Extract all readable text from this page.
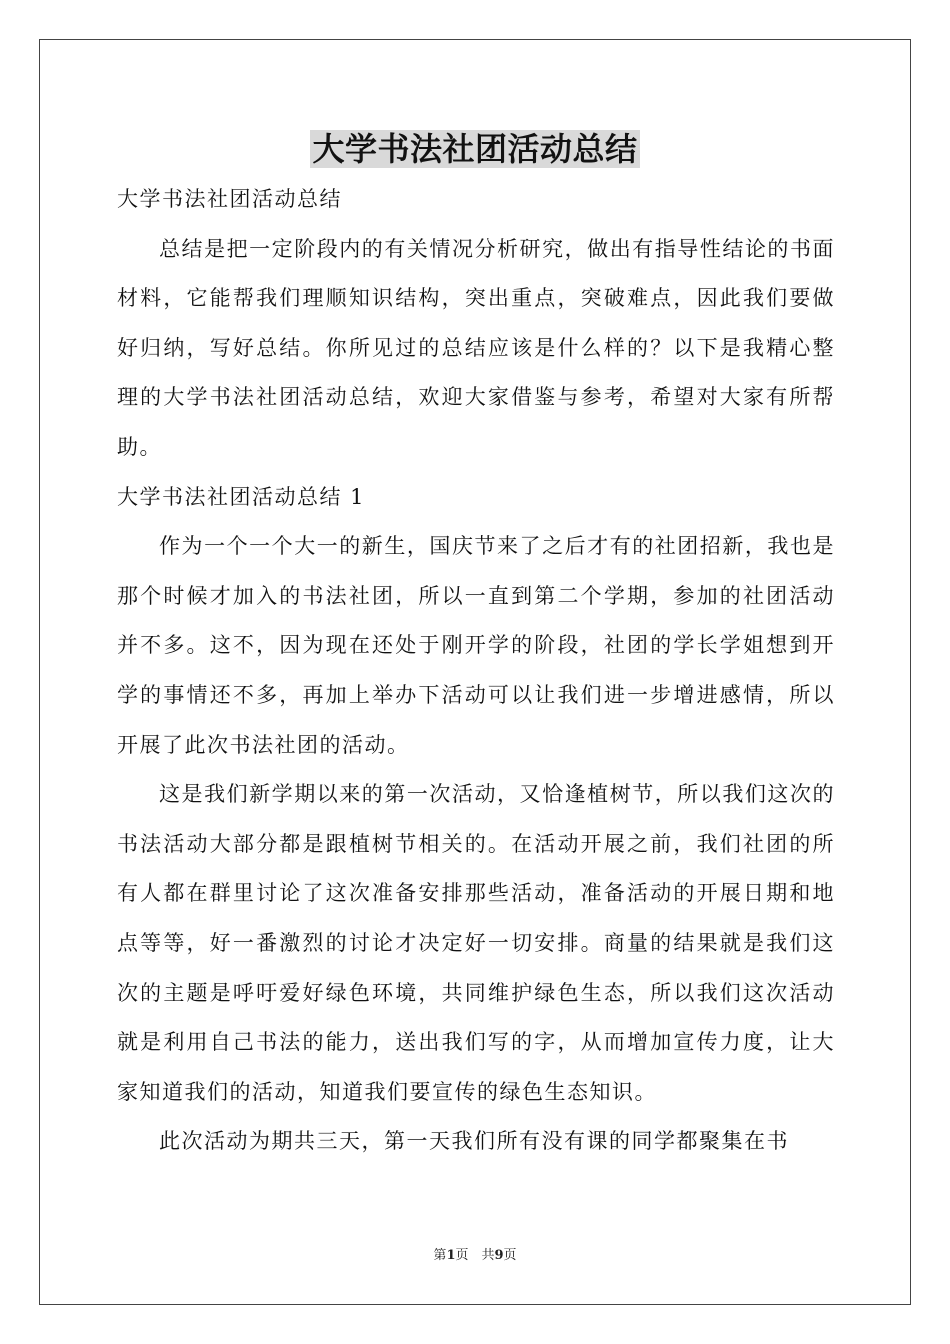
大学书法社团活动总结

大学书法社团活动总结

总结是把一定阶段内的有关情况分析研究，做出有指导性结论的书面材料，它能帮我们理顺知识结构，突出重点，突破难点，因此我们要做好归纳，写好总结。你所见过的总结应该是什么样的？以下是我精心整理的大学书法社团活动总结，欢迎大家借鉴与参考，希望对大家有所帮助。

大学书法社团活动总结 1

作为一个一个大一的新生，国庆节来了之后才有的社团招新，我也是那个时候才加入的书法社团，所以一直到第二个学期，参加的社团活动并不多。这不，因为现在还处于刚开学的阶段，社团的学长学姐想到开学的事情还不多，再加上举办下活动可以让我们进一步增进感情，所以开展了此次书法社团的活动。

这是我们新学期以来的第一次活动，又恰逢植树节，所以我们这次的书法活动大部分都是跟植树节相关的。在活动开展之前，我们社团的所有人都在群里讨论了这次准备安排那些活动，准备活动的开展日期和地点等等，好一番激烈的讨论才决定好一切安排。商量的结果就是我们这次的主题是呼吁爱好绿色环境，共同维护绿色生态，所以我们这次活动就是利用自己书法的能力，送出我们写的字，从而增加宣传力度，让大家知道我们的活动，知道我们要宣传的绿色生态知识。

此次活动为期共三天，第一天我们所有没有课的同学都聚集在书

第1页　共9页
